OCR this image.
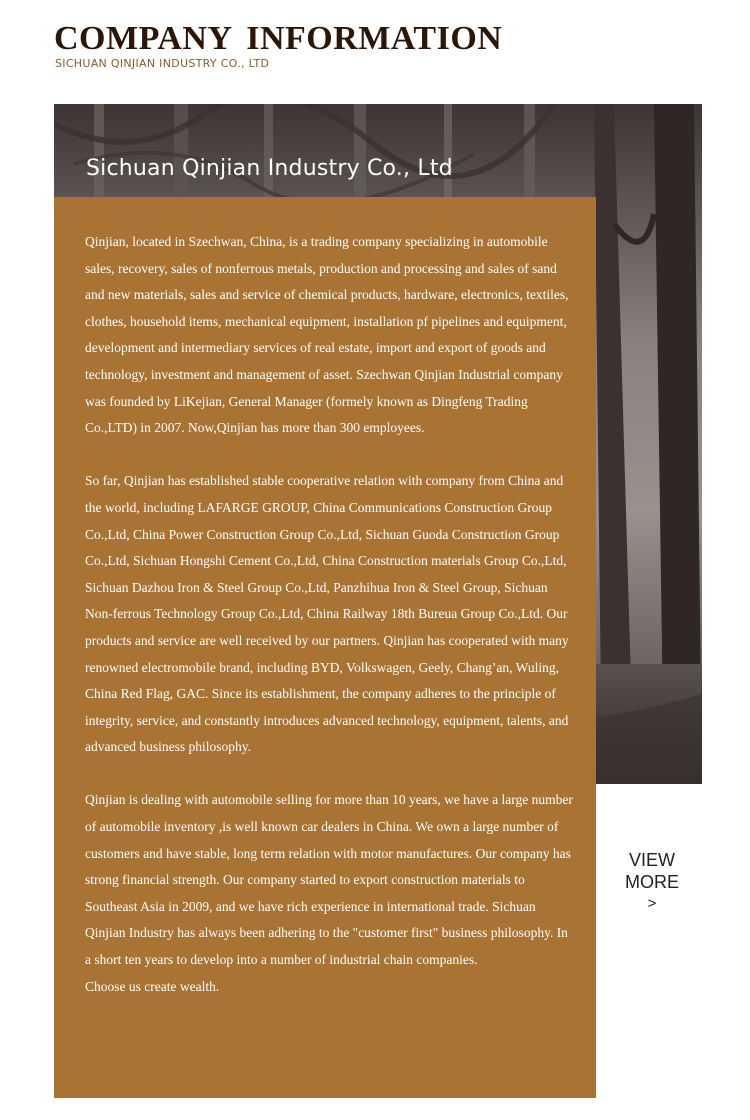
COMPANY INFORMATION
SICHUAN QINJIAN INDUSTRY CO., LTD
Sichuan Qinjian Industry Co., Ltd

Qinjian, located in Szechwan, China, is a trading company specializing in automobile sales, recovery, sales of nonferrous metals, production and processing and sales of sand and new materials, sales and service of chemical products, hardware, electronics, textiles, clothes, household items, mechanical equipment, installation pf pipelines and equipment, development and intermediary services of real estate, import and export of goods and technology, investment and management of asset. Szechwan Qinjian Industrial company was founded by LiKejian, General Manager (formely known as Dingfeng Trading Co.,LTD) in 2007. Now,Qinjian has more than 300 employees.

So far, Qinjian has established stable cooperative relation with company from China and the world, including LAFARGE GROUP, China Communications Construction Group Co.,Ltd, China Power Construction Group Co.,Ltd, Sichuan Guoda Construction Group Co.,Ltd, Sichuan Hongshi Cement Co.,Ltd, China Construction materials Group Co.,Ltd, Sichuan Dazhou Iron & Steel Group Co.,Ltd, Panzhihua Iron & Steel Group, Sichuan Non-ferrous Technology Group Co.,Ltd, China Railway 18th Bureua Group Co.,Ltd. Our products and service are well received by our partners. Qinjian has cooperated with many renowned electromobile brand, including BYD, Volkswagen, Geely, Chang’an, Wuling, China Red Flag, GAC. Since its establishment, the company adheres to the principle of integrity, service, and constantly introduces advanced technology, equipment, talents, and advanced business philosophy.

Qinjian is dealing with automobile selling for more than 10 years, we have a large number of automobile inventory ,is well known car dealers in China. We own a large number of customers and have stable, long term relation with motor manufactures. Our company has strong financial strength. Our company started to export construction materials to Southeast Asia in 2009, and we have rich experience in international trade. Sichuan Qinjian Industry has always been adhering to the "customer first" business philosophy. In a short ten years to develop into a number of industrial chain companies.

Choose us create wealth.

VIEW
MORE
>
